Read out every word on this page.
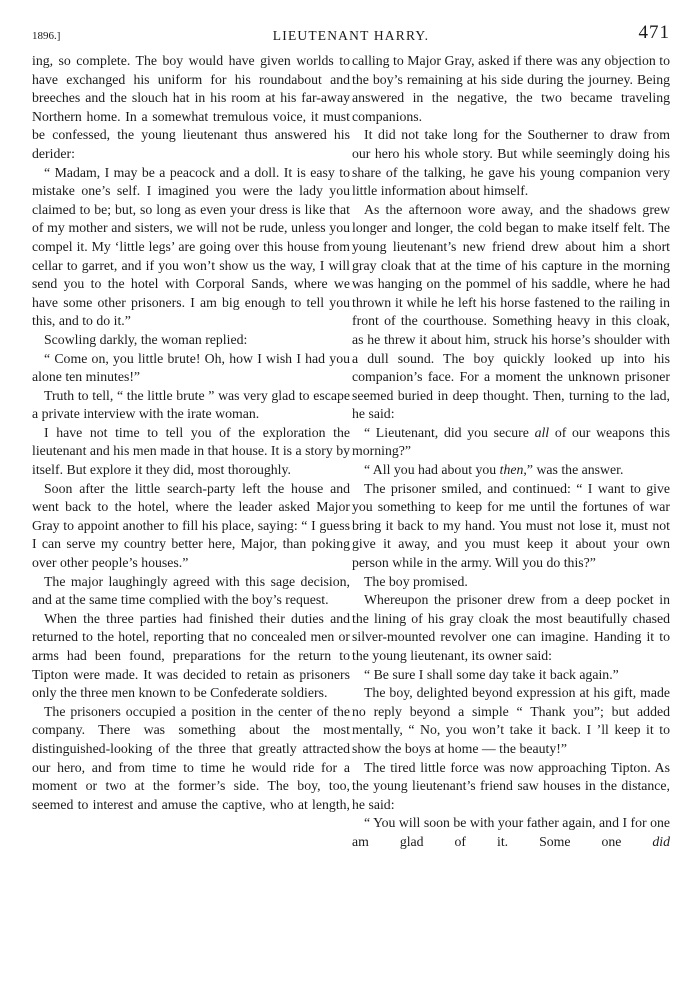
1896.]	LIEUTENANT HARRY.	471

ing, so complete. The boy would have given worlds to have exchanged his uniform for his roundabout and breeches and the slouch hat in his room at his far-away Northern home. In a somewhat tremulous voice, it must be confessed, the young lieutenant thus answered his derider:

“ Madam, I may be a peacock and a doll. It is easy to mistake one’s self. I imagined you were the lady you claimed to be; but, so long as even your dress is like that of my mother and sisters, we will not be rude, unless you compel it. My ‘little legs’ are going over this house from cellar to garret, and if you won’t show us the way, I will send you to the hotel with Corporal Sands, where we have some other prisoners. I am big enough to tell you this, and to do it.”

Scowling darkly, the woman replied:

“ Come on, you little brute! Oh, how I wish I had you alone ten minutes!”

Truth to tell, “ the little brute ” was very glad to escape a private interview with the irate woman.

I have not time to tell you of the exploration the lieutenant and his men made in that house. It is a story by itself. But explore it they did, most thoroughly.

Soon after the little search-party left the house and went back to the hotel, where the leader asked Major Gray to appoint another to fill his place, saying: “ I guess I can serve my country better here, Major, than poking over other people’s houses.”

The major laughingly agreed with this sage decision, and at the same time complied with the boy’s request.

When the three parties had finished their duties and returned to the hotel, reporting that no concealed men or arms had been found, preparations for the return to Tipton were made. It was decided to retain as prisoners only the three men known to be Confederate soldiers.

The prisoners occupied a position in the center of the company. There was something about the most distinguished-looking of the three that greatly attracted our hero, and from time to time he would ride for a moment or two at the former’s side. The boy, too, seemed to interest and amuse the captive, who at length,

calling to Major Gray, asked if there was any objection to the boy’s remaining at his side during the journey. Being answered in the negative, the two became traveling companions.

It did not take long for the Southerner to draw from our hero his whole story. But while seemingly doing his share of the talking, he gave his young companion very little information about himself.

As the afternoon wore away, and the shadows grew longer and longer, the cold began to make itself felt. The young lieutenant’s new friend drew about him a short gray cloak that at the time of his capture in the morning was hanging on the pommel of his saddle, where he had thrown it while he left his horse fastened to the railing in front of the courthouse. Something heavy in this cloak, as he threw it about him, struck his horse’s shoulder with a dull sound. The boy quickly looked up into his companion’s face. For a moment the unknown prisoner seemed buried in deep thought. Then, turning to the lad, he said:

“ Lieutenant, did you secure all of our weapons this morning?”

“ All you had about you then,” was the answer.

The prisoner smiled, and continued: “ I want to give you something to keep for me until the fortunes of war bring it back to my hand. You must not lose it, must not give it away, and you must keep it about your own person while in the army. Will you do this?”

The boy promised.

Whereupon the prisoner drew from a deep pocket in the lining of his gray cloak the most beautifully chased silver-mounted revolver one can imagine. Handing it to the young lieutenant, its owner said:

“ Be sure I shall some day take it back again.”

The boy, delighted beyond expression at his gift, made no reply beyond a simple “ Thank you”; but added mentally, “ No, you won’t take it back. I ’ll keep it to show the boys at home — the beauty!”

The tired little force was now approaching Tipton. As the young lieutenant’s friend saw houses in the distance, he said:

“ You will soon be with your father again, and I for one am glad of it. Some one did
